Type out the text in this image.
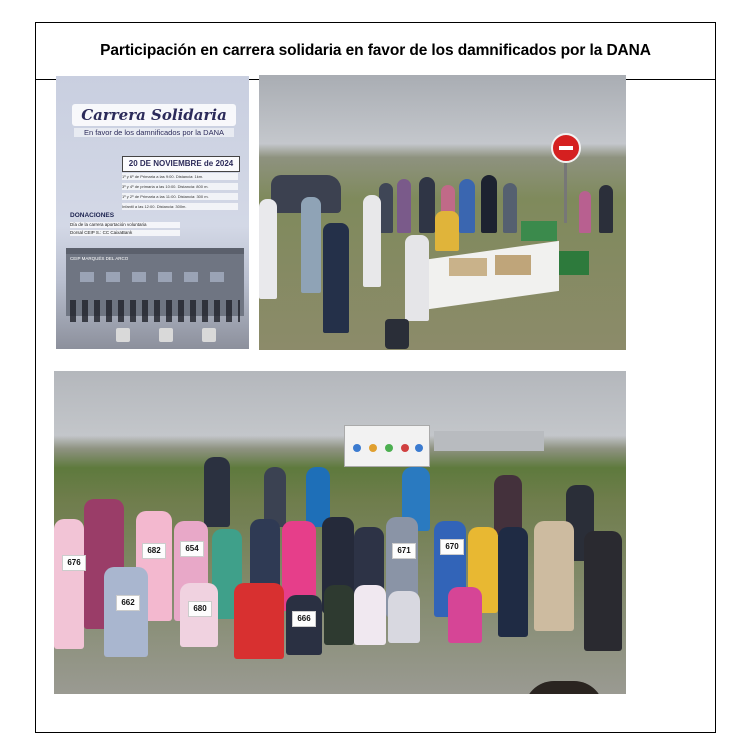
Participación en carrera solidaria en favor de los damnificados por la DANA
Carrera Solidaria
En favor de los damnificados por la DANA
20 DE NOVIEMBRE de 2024
1º y 6º de Primaria a las 9:00. Distancia: 1km.
3º y 4º de primaria a las 10:00. Distancia: 800 m.
1º y 2º de Primaria a las 11:00. Distancia: 300 m.
Infantil a las 12:00. Distancia: 300m.
DONACIONES
Día de la carrera aportación voluntaria
Dorsal CEIP S.: CC CaixaBank
CEIP MARQUÉS DEL ARCO
676
682	654
662
680
671
666
670
